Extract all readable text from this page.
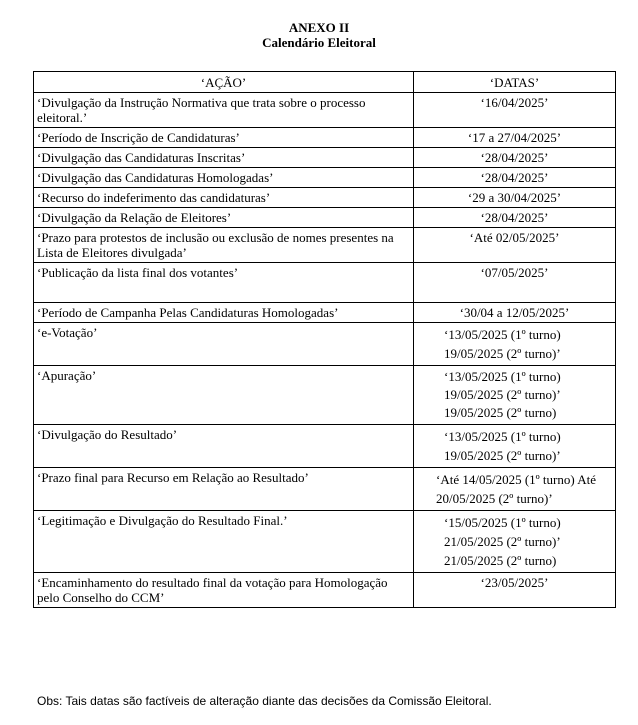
ANEXO II
Calendário Eleitoral
‘AÇÃO’	‘DATAS’
‘Divulgação da Instrução Normativa que trata sobre o processo eleitoral.’	‘16/04/2025’
‘Período de Inscrição de Candidaturas’	‘17 a 27/04/2025’
‘Divulgação das Candidaturas Inscritas’	‘28/04/2025’
‘Divulgação das Candidaturas Homologadas’	‘28/04/2025’
‘Recurso do indeferimento das candidaturas’	‘29 a 30/04/2025’
‘Divulgação da Relação de Eleitores’	‘28/04/2025’
‘Prazo para protestos de inclusão ou exclusão de nomes presentes na Lista de Eleitores divulgada’	‘Até 02/05/2025’
‘Publicação da lista final dos votantes’	‘07/05/2025’
‘Período de Campanha Pelas Candidaturas Homologadas’	‘30/04 a 12/05/2025’
‘e-Votação’	‘13/05/2025 (1º turno) 19/05/2025 (2º turno)’
‘Apuração’	‘13/05/2025 (1º turno) 19/05/2025 (2º turno)’ 19/05/2025 (2º turno)
‘Divulgação do Resultado’	‘13/05/2025 (1º turno) 19/05/2025 (2º turno)’
‘Prazo final para Recurso em Relação ao Resultado’	‘Até 14/05/2025 (1º turno) Até 20/05/2025 (2º turno)’
‘Legitimação e Divulgação do Resultado Final.’	‘15/05/2025 (1º turno) 21/05/2025 (2º turno)’ 21/05/2025 (2º turno)
‘Encaminhamento do resultado final da votação para Homologação pelo Conselho do CCM’	‘23/05/2025’
Obs: Tais datas são factíveis de alteração diante das decisões da Comissão Eleitoral.
